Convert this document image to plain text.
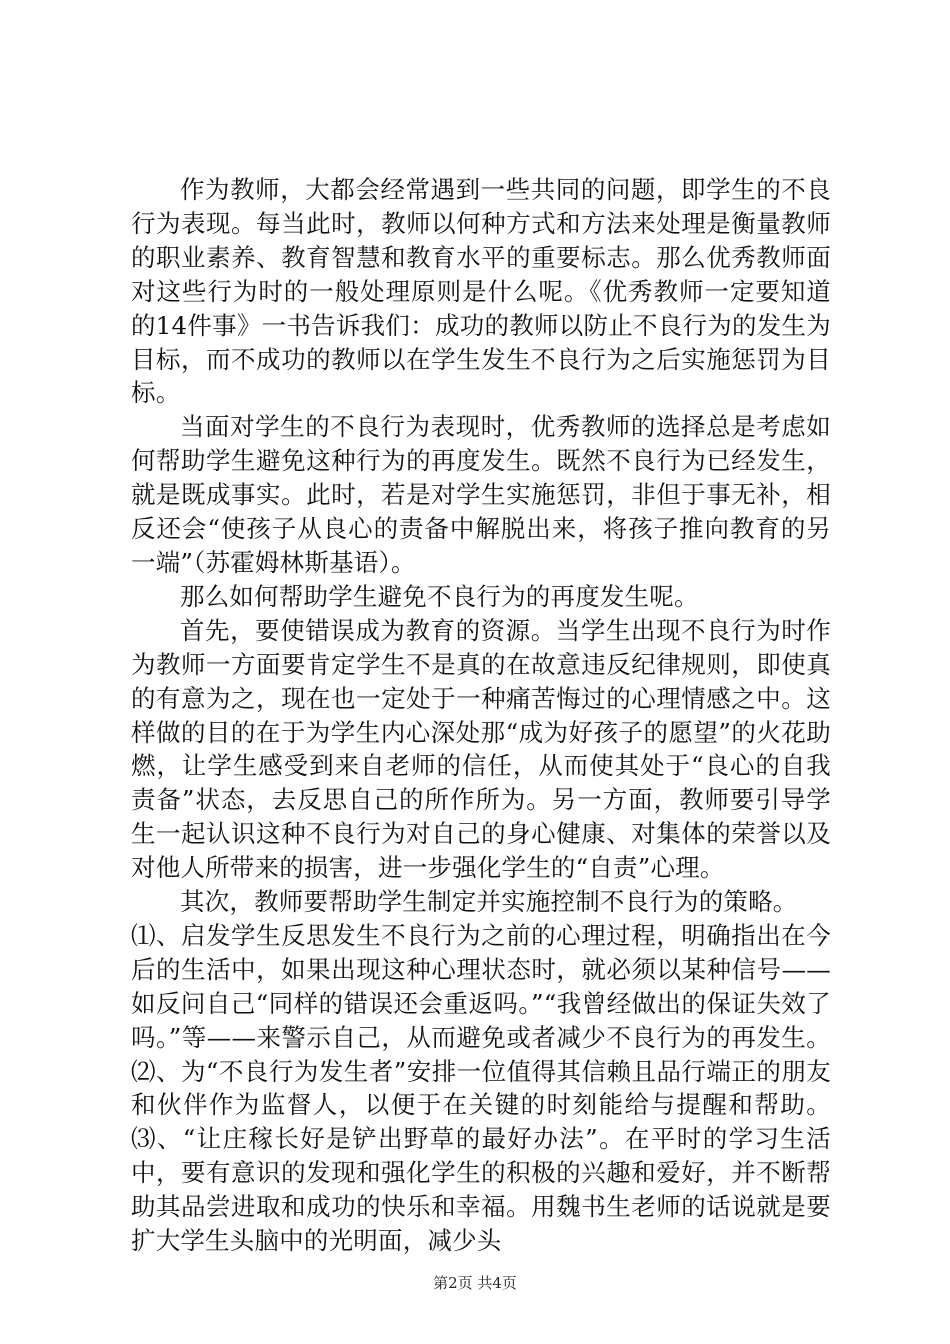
作为教师，大都会经常遇到一些共同的问题，即学生的不良行为表现。每当此时，教师以何种方式和方法来处理是衡量教师的职业素养、教育智慧和教育水平的重要标志。那么优秀教师面对这些行为时的一般处理原则是什么呢。《优秀教师一定要知道的14件事》一书告诉我们：成功的教师以防止不良行为的发生为目标，而不成功的教师以在学生发生不良行为之后实施惩罚为目标。

当面对学生的不良行为表现时，优秀教师的选择总是考虑如何帮助学生避免这种行为的再度发生。既然不良行为已经发生，就是既成事实。此时，若是对学生实施惩罚，非但于事无补，相反还会“使孩子从良心的责备中解脱出来，将孩子推向教育的另一端”（苏霍姆林斯基语）。

那么如何帮助学生避免不良行为的再度发生呢。

首先，要使错误成为教育的资源。当学生出现不良行为时作为教师一方面要肯定学生不是真的在故意违反纪律规则，即使真的有意为之，现在也一定处于一种痛苦悔过的心理情感之中。这样做的目的在于为学生内心深处那“成为好孩子的愿望”的火花助燃，让学生感受到来自老师的信任，从而使其处于“良心的自我责备”状态，去反思自己的所作所为。另一方面，教师要引导学生一起认识这种不良行为对自己的身心健康、对集体的荣誉以及对他人所带来的损害，进一步强化学生的“自责”心理。

其次，教师要帮助学生制定并实施控制不良行为的策略。

⑴、启发学生反思发生不良行为之前的心理过程，明确指出在今后的生活中，如果出现这种心理状态时，就必须以某种信号——如反问自己“同样的错误还会重返吗。”“我曾经做出的保证失效了吗。”等——来警示自己，从而避免或者减少不良行为的再发生。⑵、为“不良行为发生者”安排一位值得其信赖且品行端正的朋友和伙伴作为监督人，以便于在关键的时刻能给与提醒和帮助。⑶、“让庄稼长好是铲出野草的最好办法”。在平时的学习生活中，要有意识的发现和强化学生的积极的兴趣和爱好，并不断帮助其品尝进取和成功的快乐和幸福。用魏书生老师的话说就是要扩大学生头脑中的光明面，减少头

第2页 共4页
